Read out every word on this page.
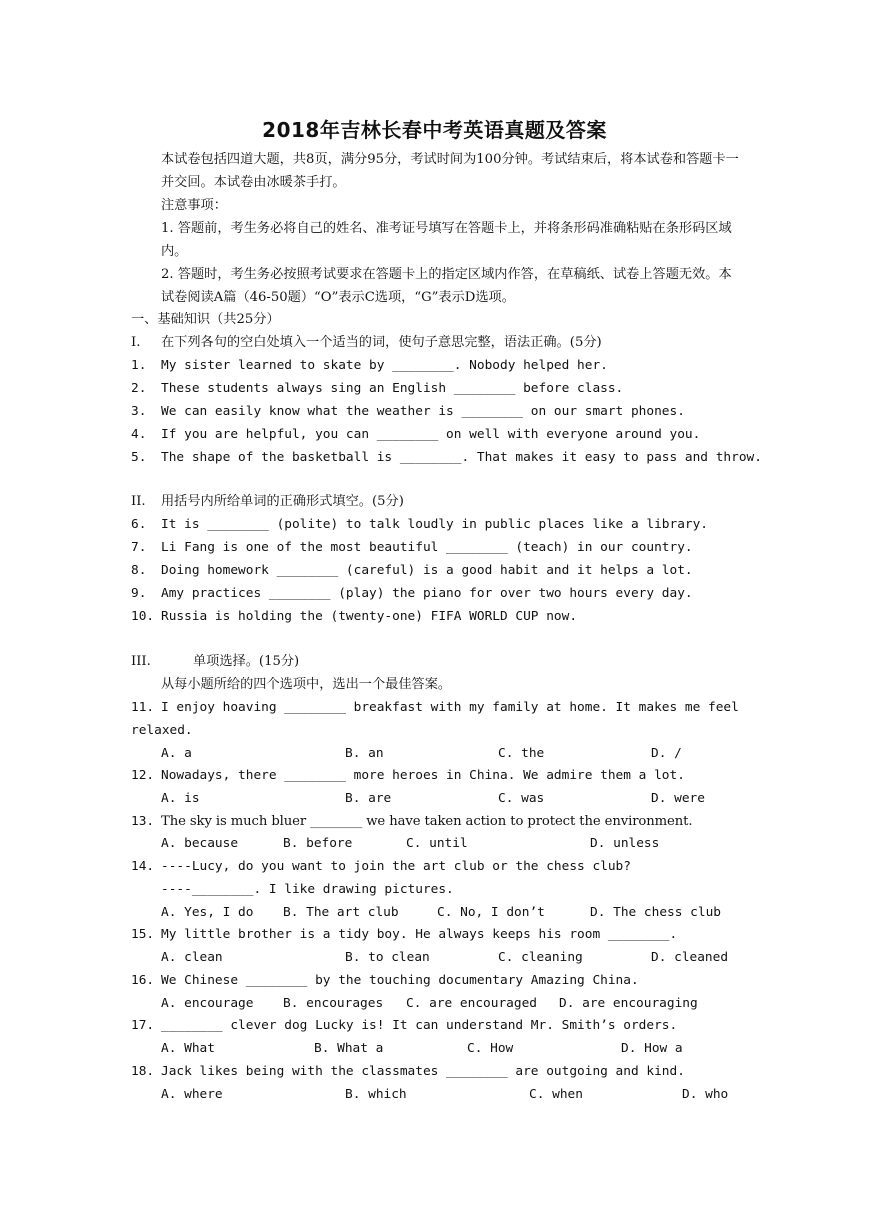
2018年吉林长春中考英语真题及答案
本试卷包括四道大题，共8页，满分95分，考试时间为100分钟。考试结束后，将本试卷和答题卡一并交回。本试卷由冰暖茶手打。
注意事项：
1. 答题前，考生务必将自己的姓名、准考证号填写在答题卡上，并将条形码准确粘贴在条形码区域内。
2. 答题时，考生务必按照考试要求在答题卡上的指定区域内作答，在草稿纸、试卷上答题无效。本试卷阅读A篇（46-50题）“O”表示C选项，“G”表示D选项。
一、基础知识（共25分）
I. 在下列各句的空白处填入一个适当的词，使句子意思完整，语法正确。(5分)
1. My sister learned to skate by ________. Nobody helped her.
2. These students always sing an English ________ before class.
3. We can easily know what the weather is ________ on our smart phones.
4. If you are helpful, you can ________ on well with everyone around you.
5. The shape of the basketball is ________. That makes it easy to pass and throw.
II. 用括号内所给单词的正确形式填空。(5分)
6. It is ________ (polite) to talk loudly in public places like a library.
7. Li Fang is one of the most beautiful ________ (teach) in our country.
8. Doing homework ________ (careful) is a good habit and it helps a lot.
9. Amy practices ________ (play) the piano for over two hours every day.
10. Russia is holding the (twenty-one) FIFA WORLD CUP now.
III.	单项选择。(15分)
从每小题所给的四个选项中，选出一个最佳答案。
11. I enjoy hoaving ________ breakfast with my family at home. It makes me feel
relaxed.
A. a	B. an	C. the	D. /
12. Nowadays, there ________ more heroes in China. We admire them a lot.
A. is	B. are	C. was	D. were
13. The sky is much bluer ________ we have taken action to protect the environment.
A. because	B. before	C. until	D. unless
14. ----Lucy, do you want to join the art club or the chess club?
----________. I like drawing pictures.
A. Yes, I do B. The art club	C. No, I don’t	D. The chess club
15. My little brother is a tidy boy. He always keeps his room ________.
A. clean	B. to clean	C. cleaning	D. cleaned
16. We Chinese ________ by the touching documentary Amazing China.
A. encourage B. encourages C. are encouraged D. are encouraging
17. ________ clever dog Lucky is! It can understand Mr. Smith’s orders.
A. What	B. What a	C. How	D. How a
18. Jack likes being with the classmates ________ are outgoing and kind.
A. where	B. which	C. when	D. who
